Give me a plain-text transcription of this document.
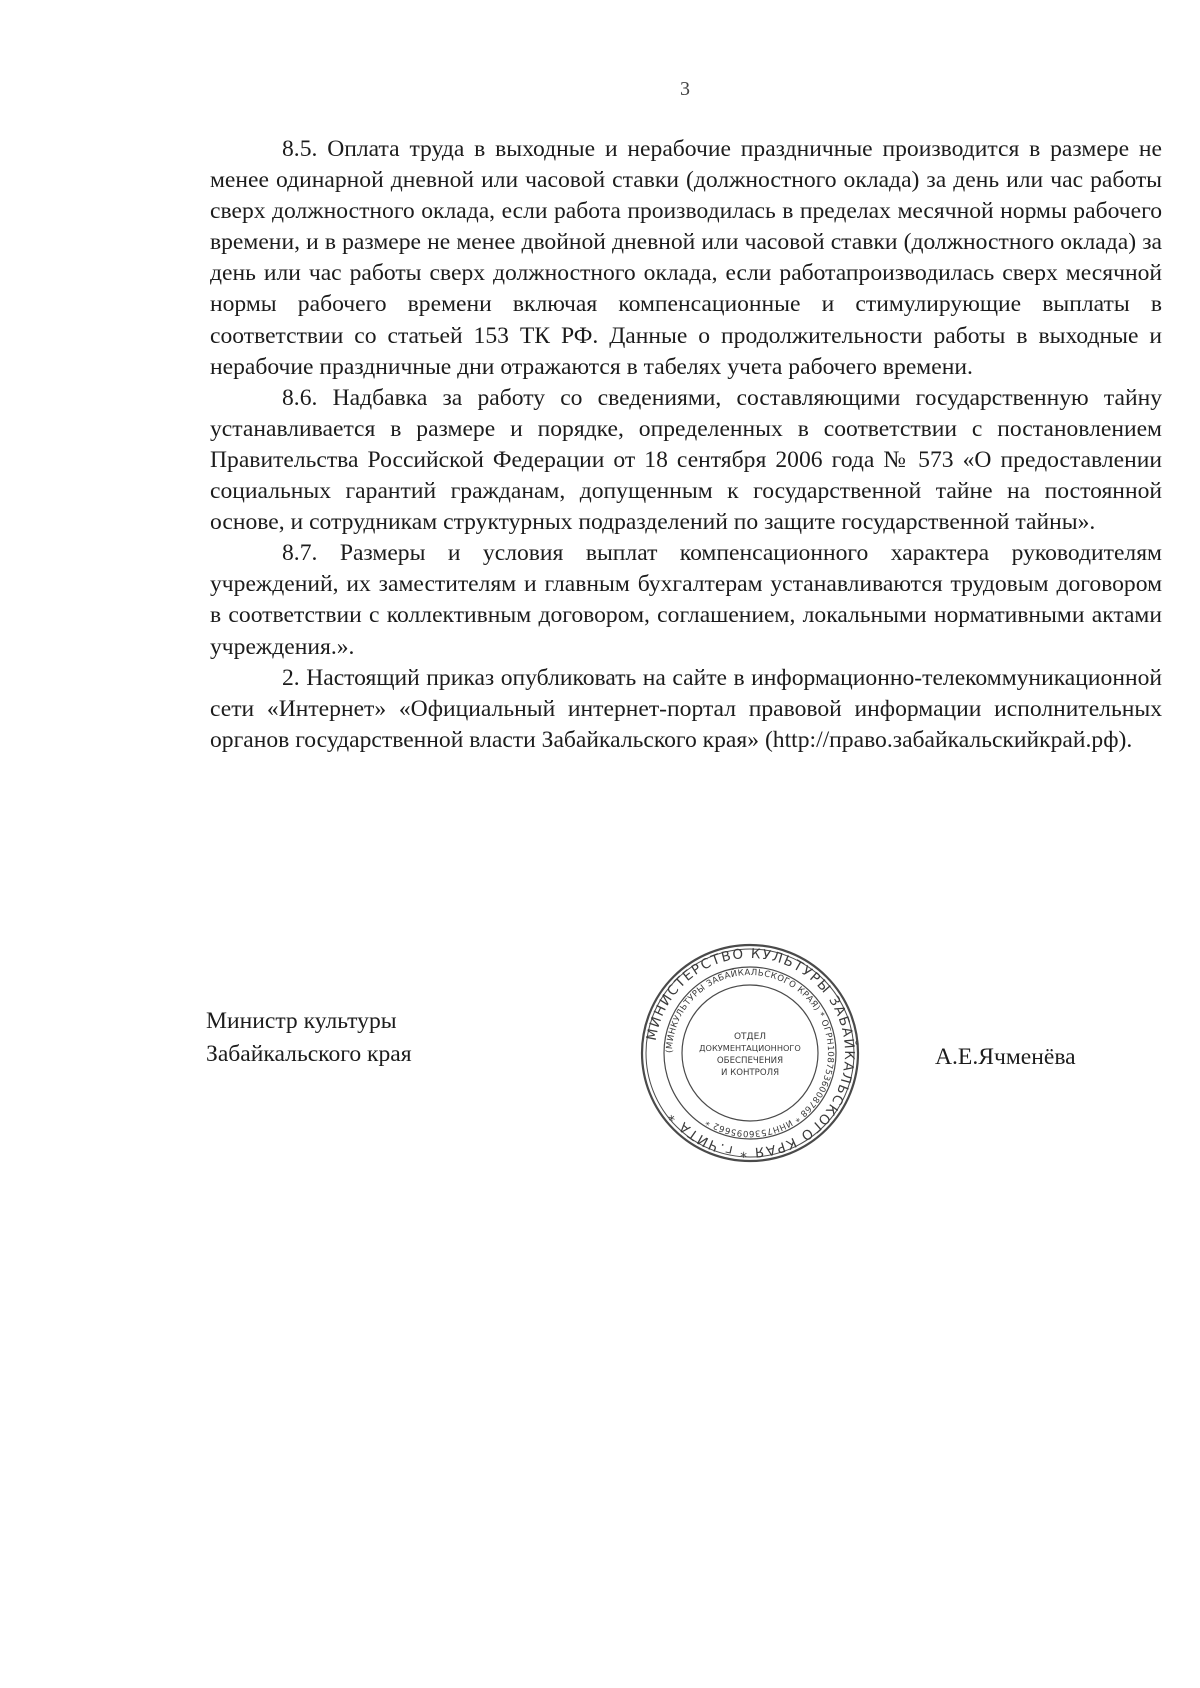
3

8.5. Оплата труда в выходные и нерабочие праздничные производится в размере не менее одинарной дневной или часовой ставки (должностного оклада) за день или час работы сверх должностного оклада, если работа производилась в пределах месячной нормы рабочего времени, и в размере не менее двойной дневной или часовой ставки (должностного оклада) за день или час работы сверх должностного оклада, если работапроизводилась сверх месячной нормы рабочего времени включая компенсационные и стимулирующие выплаты в соответствии со статьей 153 ТК РФ. Данные о продолжительности работы в выходные и нерабочие праздничные дни отражаются в табелях учета рабочего времени.

8.6. Надбавка за работу со сведениями, составляющими государственную тайну устанавливается в размере и порядке, определенных в соответствии с постановлением Правительства Российской Федерации от 18 сентября 2006 года № 573 «О предоставлении социальных гарантий гражданам, допущенным к государственной тайне на постоянной основе, и сотрудникам структурных подразделений по защите государственной тайны».

8.7. Размеры и условия выплат компенсационного характера руководителям учреждений, их заместителям и главным бухгалтерам устанавливаются трудовым договором в соответствии с коллективным договором, соглашением, локальными нормативными актами учреждения.».

2. Настоящий приказ опубликовать на сайте в информационно-телекоммуникационной сети «Интернет» «Официальный интернет-портал правовой информации исполнительных органов государственной власти Забайкальского края» (http://право.забайкальскийкрай.рф).

Министр культуры
Забайкальского края
МИНИСТЕРСТВО КУЛЬТУРЫ ЗАБАЙКАЛЬСКОГО КРАЯ * г.ЧИТА *
(МИНКУЛЬТУРЫ ЗАБАЙКАЛЬСКОГО КРАЯ) * ОГРН1087536008768 * ИНН7536095662 *
ОТДЕЛ
ДОКУМЕНТАЦИОННОГО
ОБЕСПЕЧЕНИЯ
И КОНТРОЛЯ
А.Е.Ячменёва
